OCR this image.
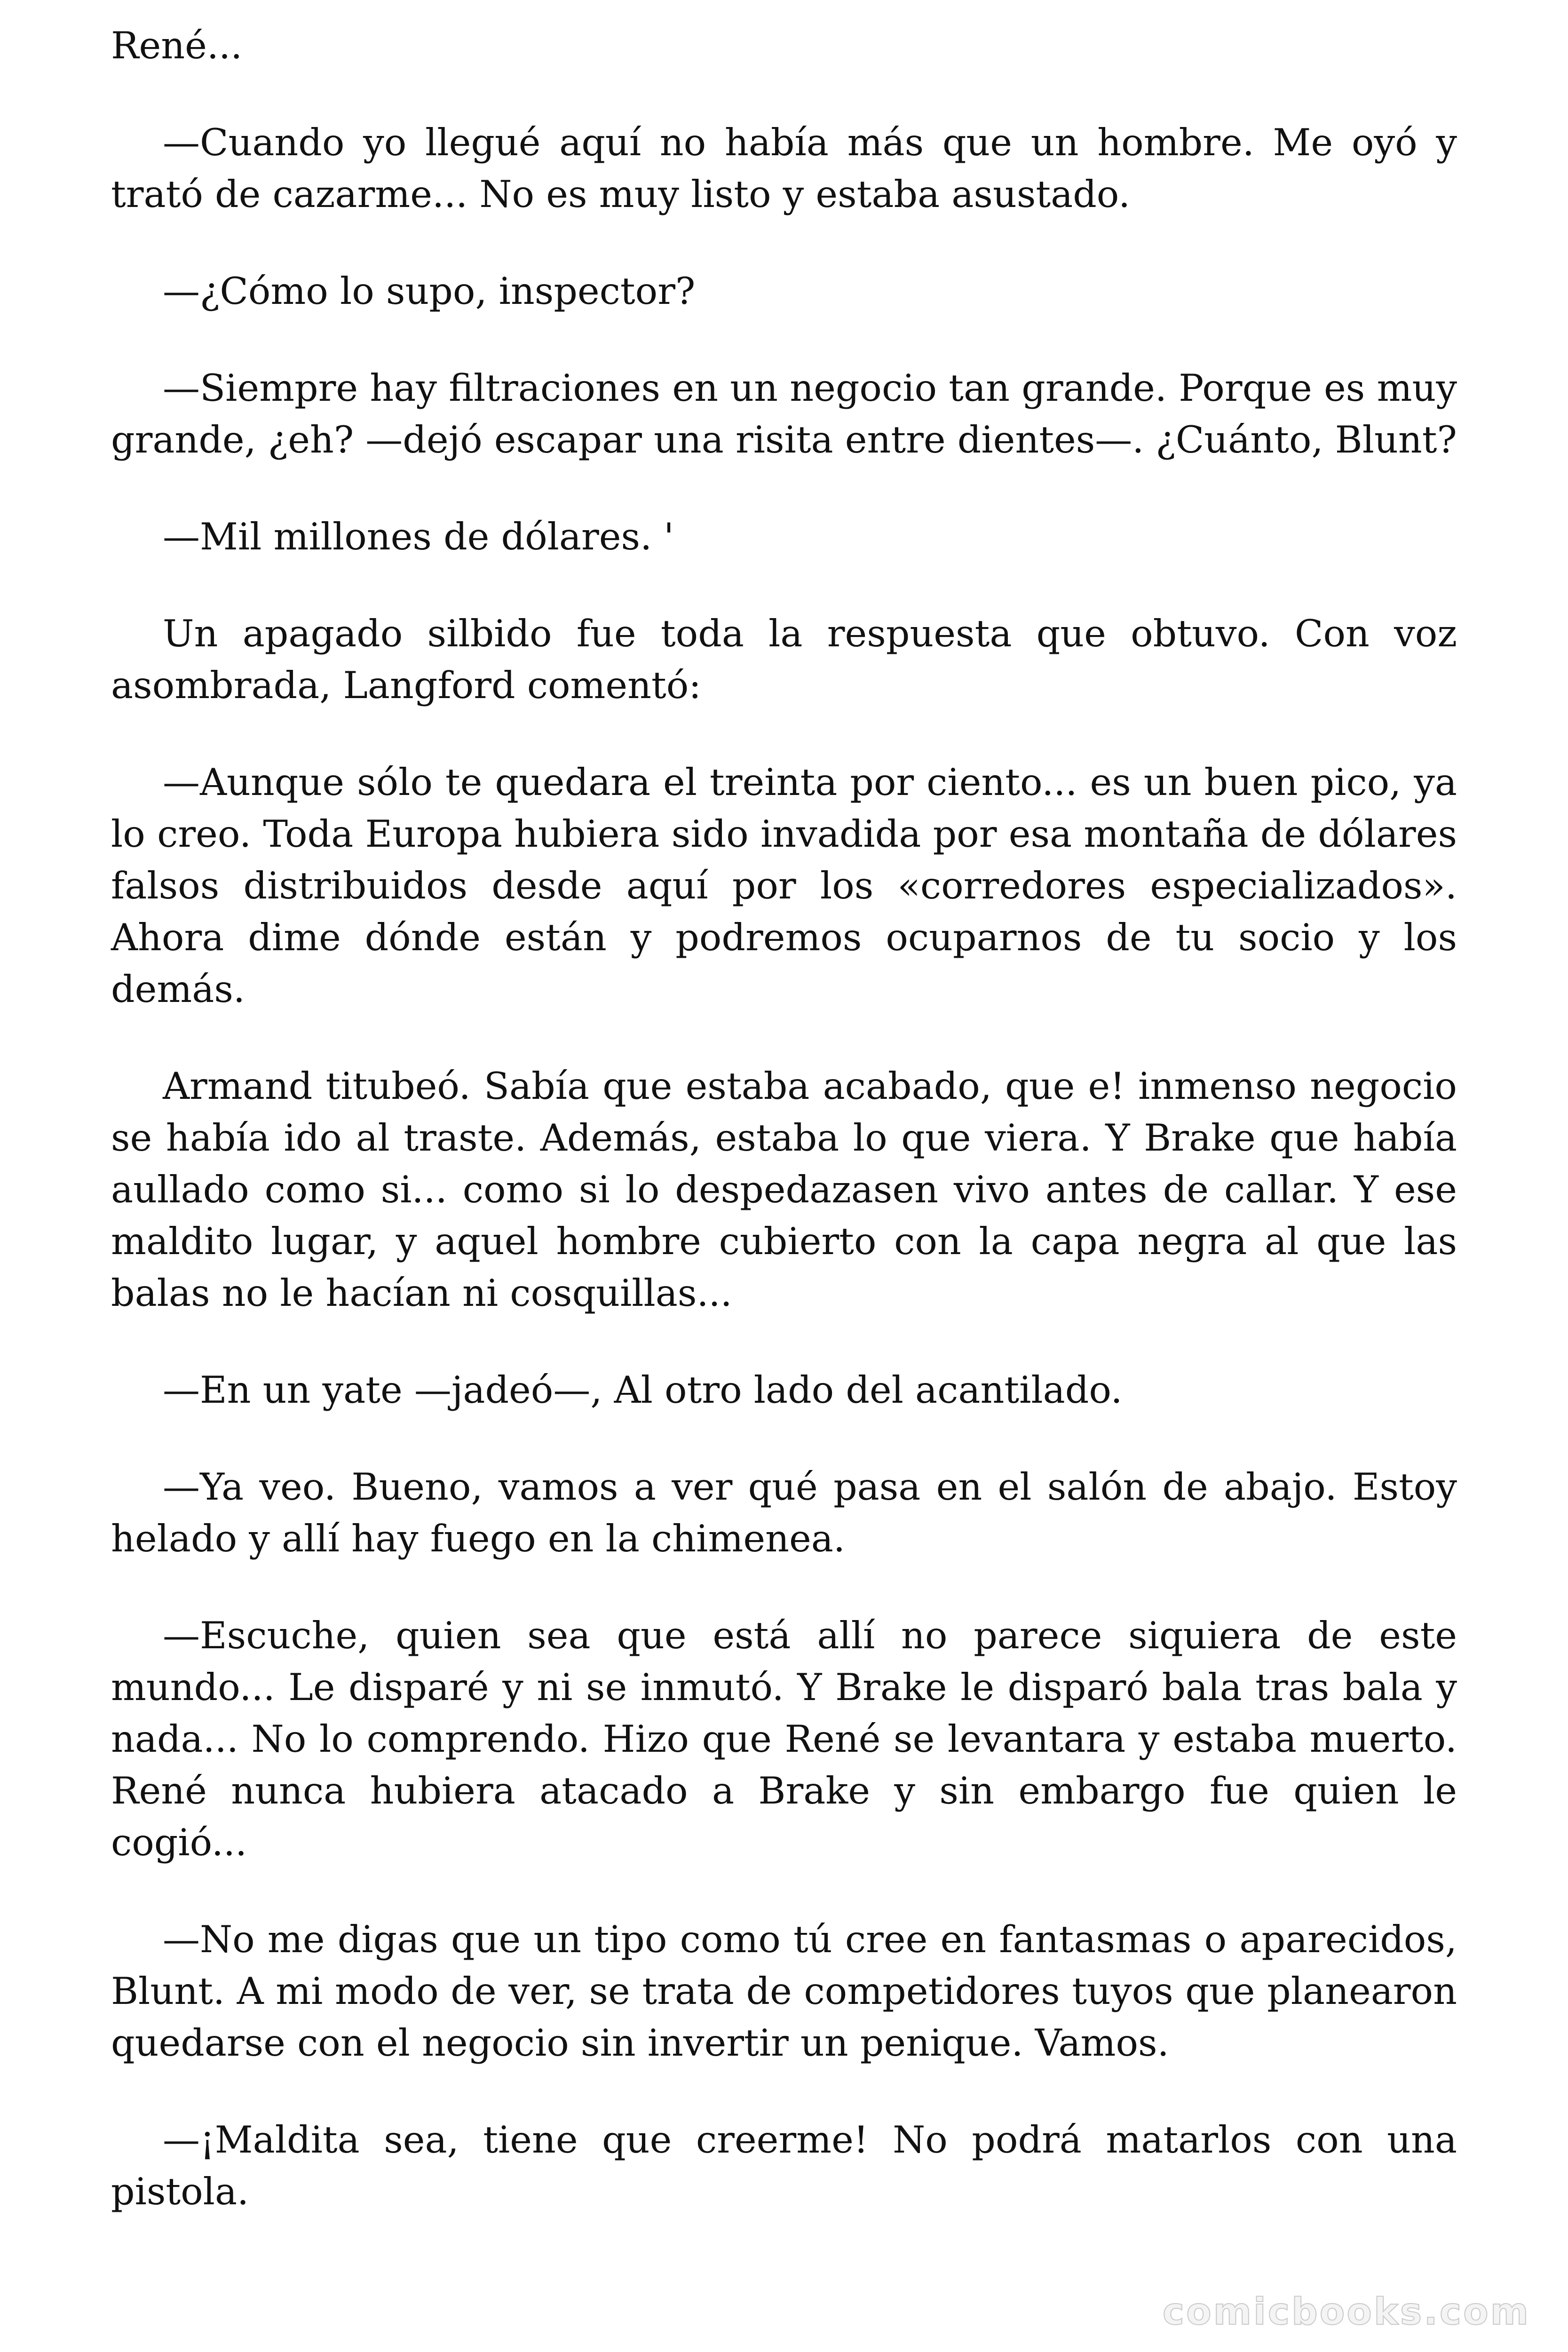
René...

—Cuando yo llegué aquí no había más que un hombre. Me oyó y trató de cazarme... No es muy listo y estaba asustado.

—¿Cómo lo supo, inspector?

—Siempre hay filtraciones en un negocio tan grande. Porque es muy grande, ¿eh? —dejó escapar una risita entre dientes—. ¿Cuánto, Blunt?

—Mil millones de dólares. '

Un apagado silbido fue toda la respuesta que obtuvo. Con voz asombrada, Langford comentó:

—Aunque sólo te quedara el treinta por ciento... es un buen pico, ya lo creo. Toda Europa hubiera sido invadida por esa montaña de dólares falsos distribuidos desde aquí por los «corredores especializados». Ahora dime dónde están y podremos ocuparnos de tu socio y los demás.

Armand titubeó. Sabía que estaba acabado, que e! inmenso negocio se había ido al traste. Además, estaba lo que viera. Y Brake que había aullado como si... como si lo despedazasen vivo antes de callar. Y ese maldito lugar, y aquel hombre cubierto con la capa negra al que las balas no le hacían ni cosquillas...

—En un yate —jadeó—, Al otro lado del acantilado.

—Ya veo. Bueno, vamos a ver qué pasa en el salón de abajo. Estoy helado y allí hay fuego en la chimenea.

—Escuche, quien sea que está allí no parece siquiera de este mundo... Le disparé y ni se inmutó. Y Brake le disparó bala tras bala y nada... No lo comprendo. Hizo que René se levantara y estaba muerto. René nunca hubiera atacado a Brake y sin embargo fue quien le cogió...

—No me digas que un tipo como tú cree en fantasmas o aparecidos, Blunt. A mi modo de ver, se trata de competidores tuyos que planearon quedarse con el negocio sin invertir un penique. Vamos.

—¡Maldita sea, tiene que creerme! No podrá matarlos con una pistola.

comicbooks.com
